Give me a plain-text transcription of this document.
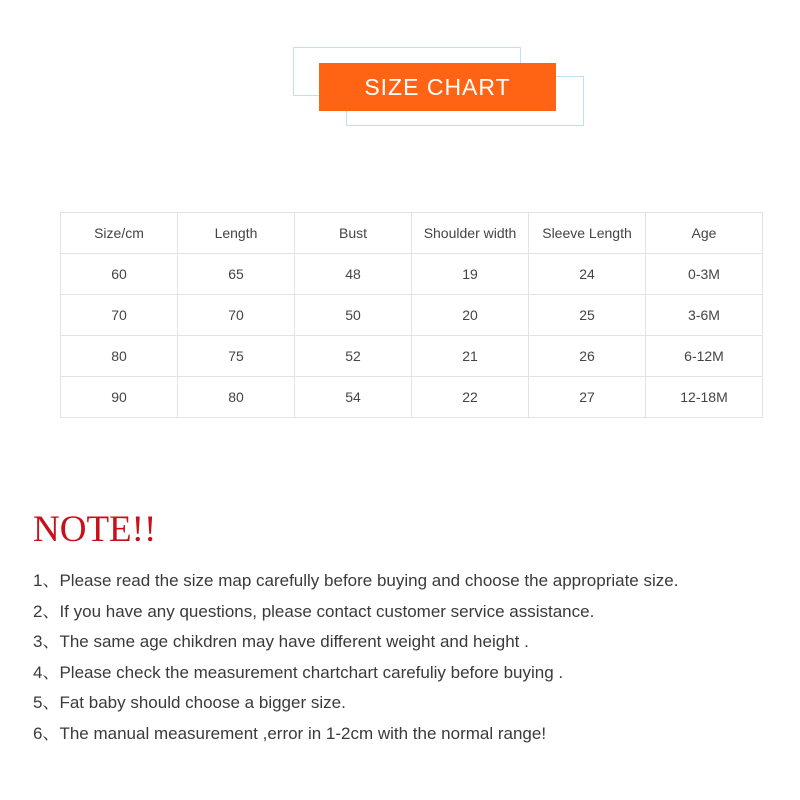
SIZE CHART
Size/cm	Length	Bust	Shoulder width	Sleeve Length	Age
60	65	48	19	24	0-3M
70	70	50	20	25	3-6M
80	75	52	21	26	6-12M
90	80	54	22	27	12-18M
NOTE!!
1、Please read the size map carefully before buying and choose the appropriate size.
2、If you have any questions, please contact customer service assistance.
3、The same age chikdren may have different weight and height .
4、Please check the measurement chartchart carefuliy before buying .
5、Fat baby should choose a bigger size.
6、The manual measurement ,error in 1-2cm with the normal range!
